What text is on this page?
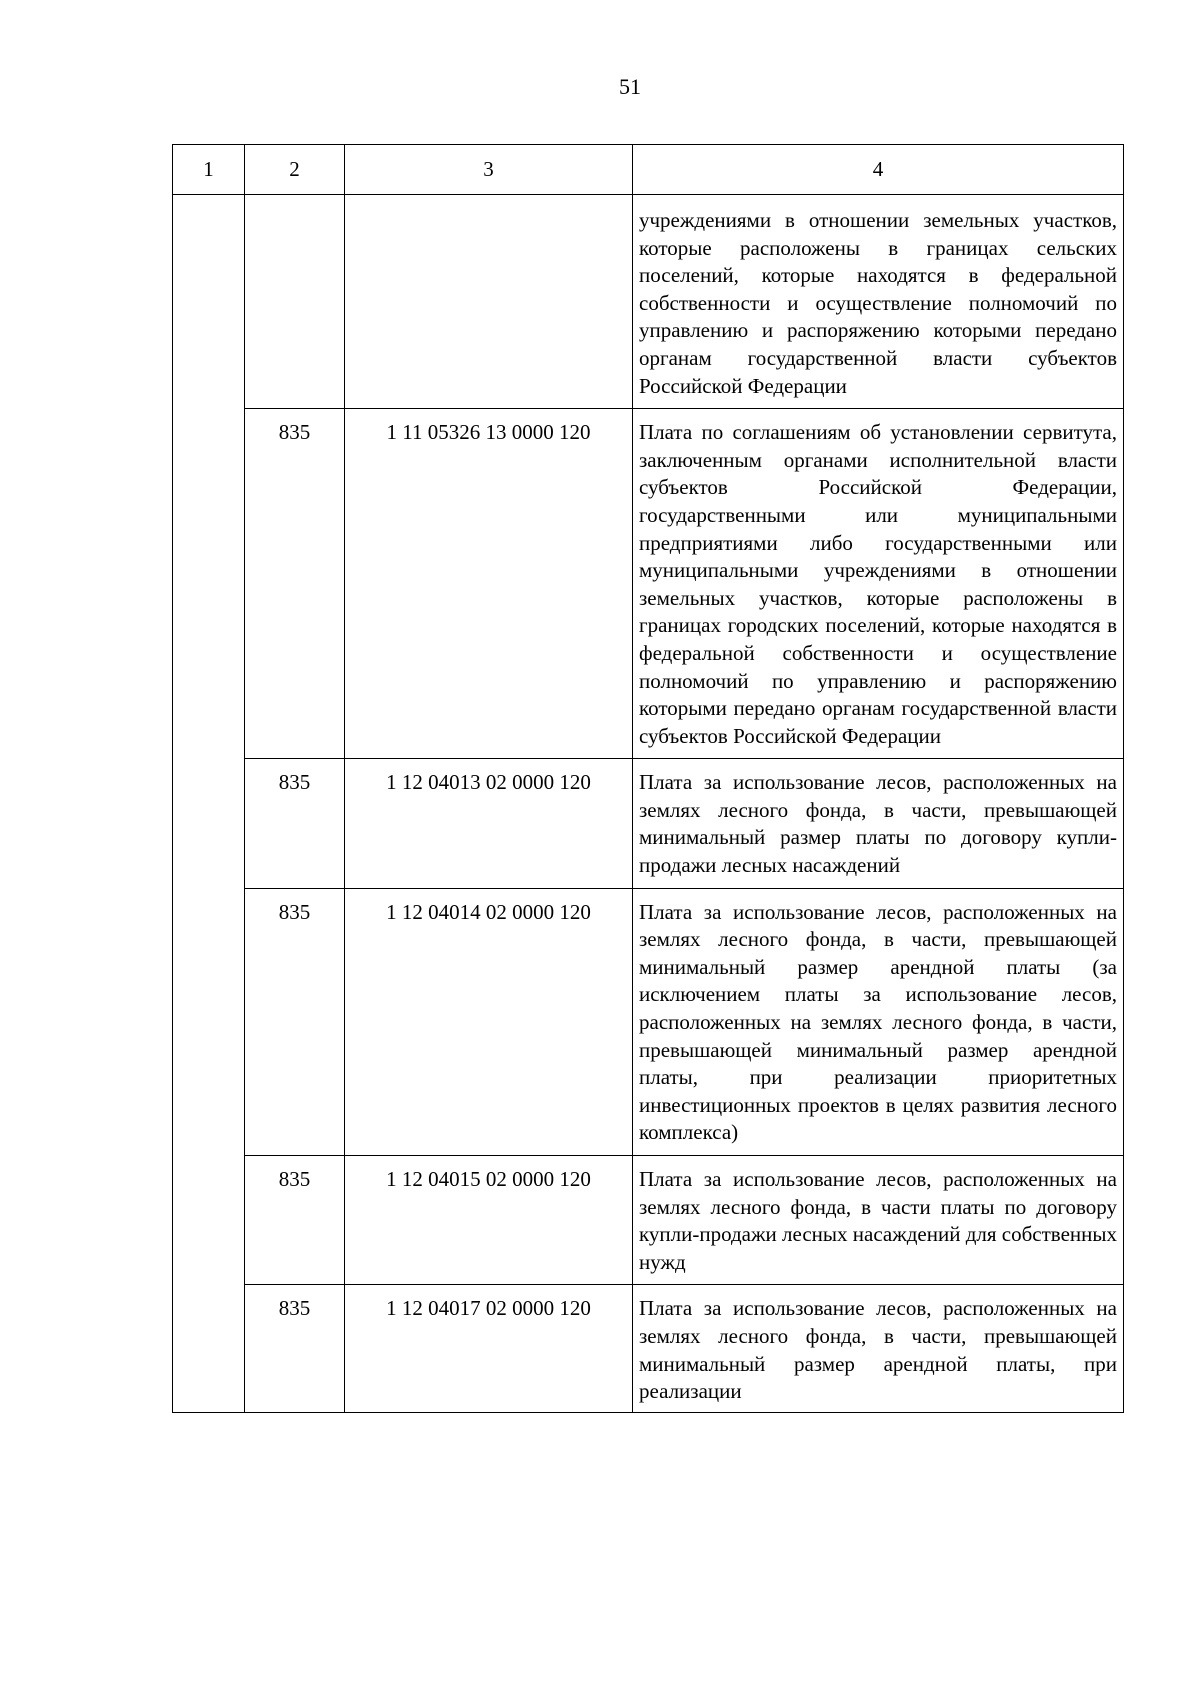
51
1	2	3	4
			учреждениями в отношении земельных участков, которые расположены в границах сельских поселений, которые находятся в федеральной собственности и осуществление полномочий по управлению и распоряжению которыми передано органам государственной власти субъектов Российской Федерации
	835	1 11 05326 13 0000 120	Плата по соглашениям об установлении сервитута, заключенным органами исполнительной власти субъектов Российской Федерации, государственными или муниципальными предприятиями либо государственными или муниципальными учреждениями в отношении земельных участков, которые расположены в границах городских поселений, которые находятся в федеральной собственности и осуществление полномочий по управлению и распоряжению которыми передано органам государственной власти субъектов Российской Федерации
	835	1 12 04013 02 0000 120	Плата за использование лесов, расположенных на землях лесного фонда, в части, превышающей минимальный размер платы по договору купли-продажи лесных насаждений
	835	1 12 04014 02 0000 120	Плата за использование лесов, расположенных на землях лесного фонда, в части, превышающей минимальный размер арендной платы (за исключением платы за использование лесов, расположенных на землях лесного фонда, в части, превышающей минимальный размер арендной платы, при реализации приоритетных инвестиционных проектов в целях развития лесного комплекса)
	835	1 12 04015 02 0000 120	Плата за использование лесов, расположенных на землях лесного фонда, в части платы по договору купли-продажи лесных насаждений для собственных нужд
	835	1 12 04017 02 0000 120	Плата за использование лесов, расположенных на землях лесного фонда, в части, превышающей минимальный размер арендной платы, при реализации
